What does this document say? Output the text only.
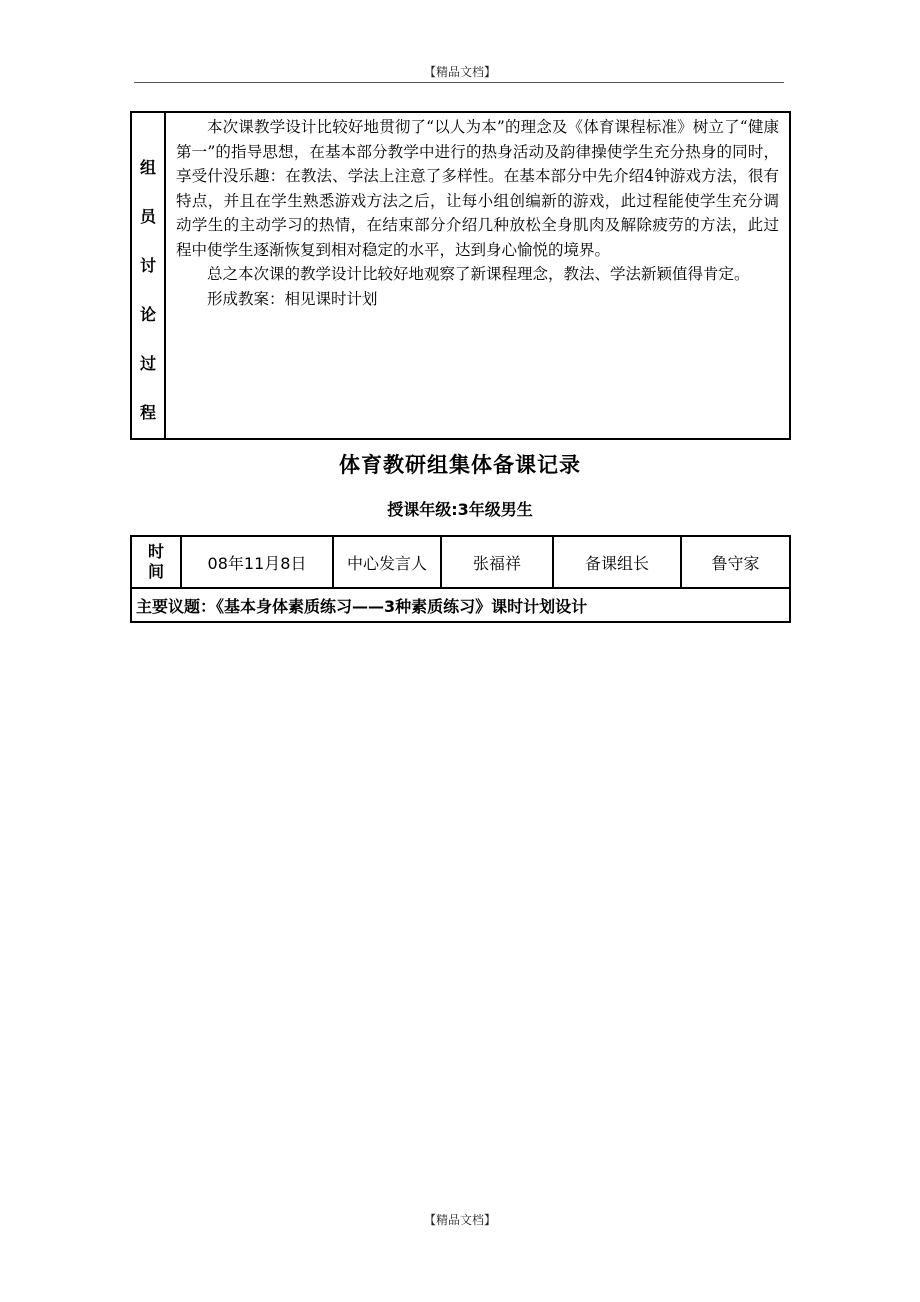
【精品文档】
组
员
讨
论
过
程

本次课教学设计比较好地贯彻了“以人为本”的理念及《体育课程标准》树立了“健康第一”的指导思想，在基本部分教学中进行的热身活动及韵律操使学生充分热身的同时，享受什没乐趣：在教法、学法上注意了多样性。在基本部分中先介绍4钟游戏方法，很有特点，并且在学生熟悉游戏方法之后，让每小组创编新的游戏，此过程能使学生充分调动学生的主动学习的热情，在结束部分介绍几种放松全身肌肉及解除疲劳的方法，此过程中使学生逐渐恢复到相对稳定的水平，达到身心愉悦的境界。

总之本次课的教学设计比较好地观察了新课程理念，教法、学法新颖值得肯定。

形成教案：相见课时计划

体育教研组集体备课记录
授课年级:3年级男生
时
间	08年11月8日	中心发言人	张福祥	备课组长	鲁守家
主要议题：《基本身体素质练习——3种素质练习》课时计划设计
【精品文档】
